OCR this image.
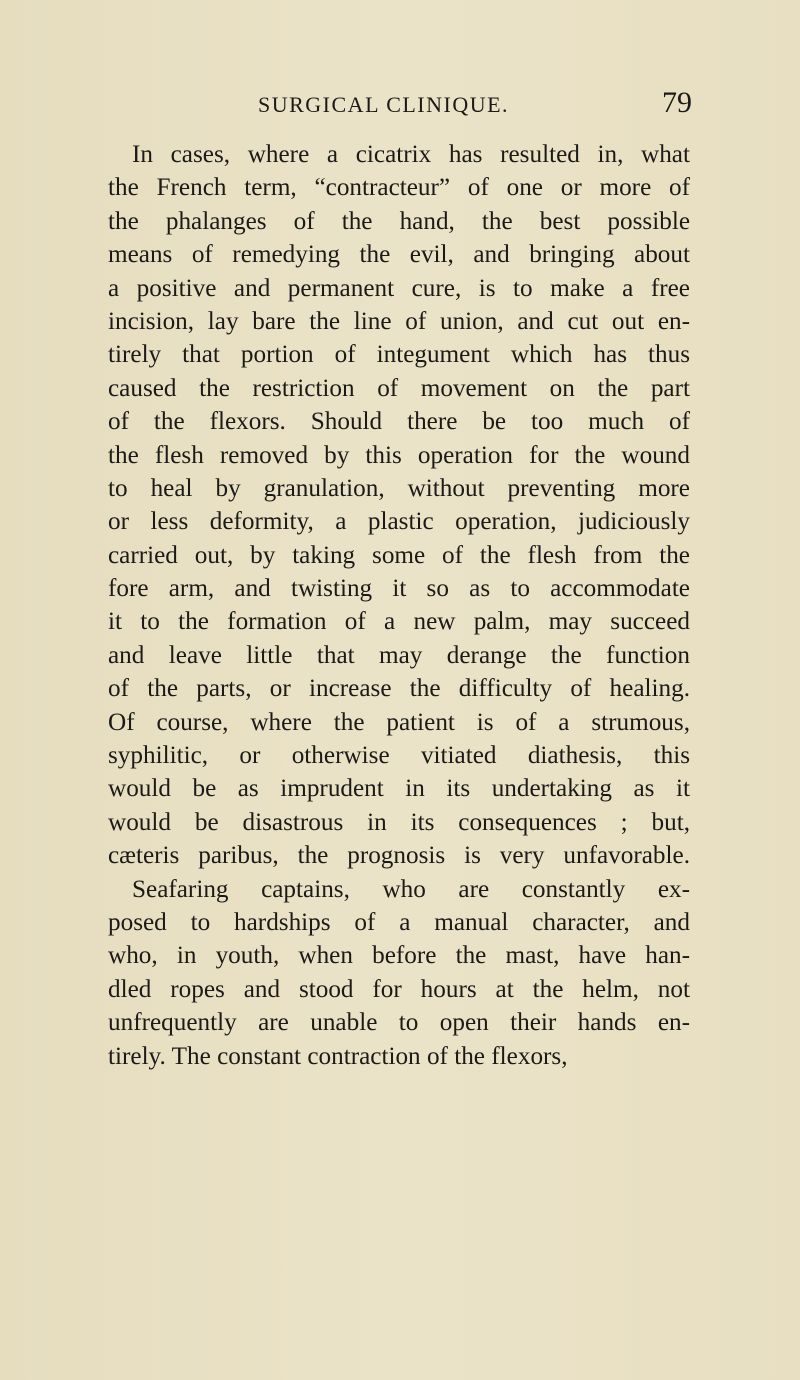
SURGICAL CLINIQUE.	79
In cases, where a cicatrix has resulted in, what
the French term, “contracteur” of one or more of
the phalanges of the hand, the best possible
means of remedying the evil, and bringing about
a positive and permanent cure, is to make a free
incision, lay bare the line of union, and cut out en-
tirely that portion of integument which has thus
caused the restriction of movement on the part
of the flexors. Should there be too much of
the flesh removed by this operation for the wound
to heal by granulation, without preventing more
or less deformity, a plastic operation, judiciously
carried out, by taking some of the flesh from the
fore arm, and twisting it so as to accommodate
it to the formation of a new palm, may succeed
and leave little that may derange the function
of the parts, or increase the difficulty of healing.
Of course, where the patient is of a strumous,
syphilitic, or otherwise vitiated diathesis, this
would be as imprudent in its undertaking as it
would be disastrous in its consequences ; but,
cæteris paribus, the prognosis is very unfavorable.
Seafaring captains, who are constantly ex-
posed to hardships of a manual character, and
who, in youth, when before the mast, have han-
dled ropes and stood for hours at the helm, not
unfrequently are unable to open their hands en-
tirely. The constant contraction of the flexors,
